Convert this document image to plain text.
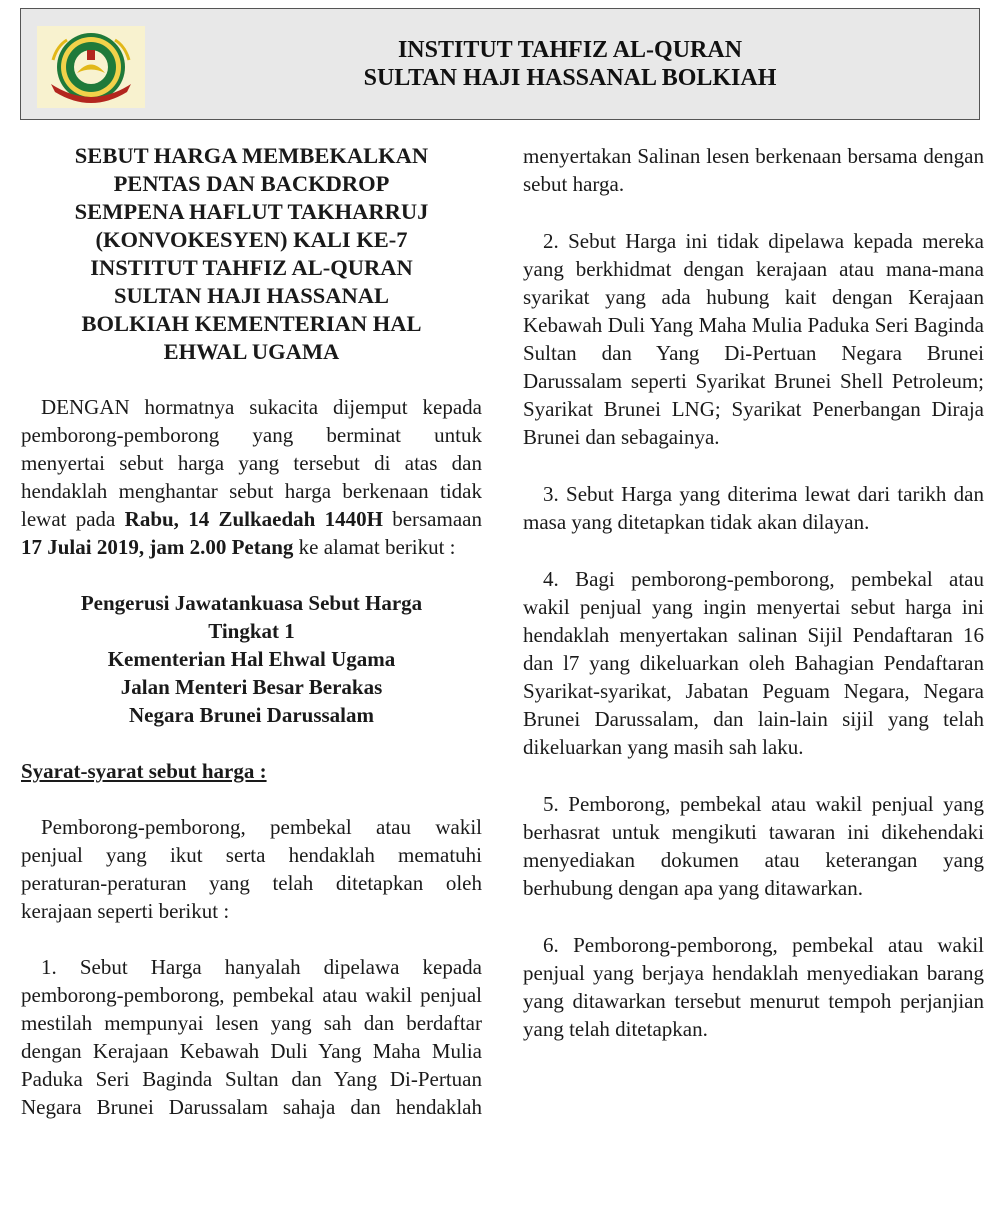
INSTITUT TAHFIZ AL-QURAN
SULTAN HAJI HASSANAL BOLKIAH
SEBUT HARGA MEMBEKALKAN
PENTAS DAN BACKDROP
SEMPENA HAFLUT TAKHARRUJ
(KONVOKESYEN) KALI KE-7
INSTITUT TAHFIZ AL-QURAN
SULTAN HAJI HASSANAL
BOLKIAH KEMENTERIAN HAL
EHWAL UGAMA

DENGAN hormatnya sukacita dijemput kepada pemborong-pemborong yang berminat untuk menyertai sebut harga yang tersebut di atas dan hendaklah menghantar sebut harga berkenaan tidak lewat pada Rabu, 14 Zulkaedah 1440H bersamaan 17 Julai 2019, jam 2.00 Petang ke alamat berikut :

Pengerusi Jawatankuasa Sebut Harga
Tingkat 1
Kementerian Hal Ehwal Ugama
Jalan Menteri Besar Berakas
Negara Brunei Darussalam

Syarat-syarat sebut harga :

Pemborong-pemborong, pembekal atau wakil penjual yang ikut serta hendaklah mematuhi peraturan-peraturan yang telah ditetapkan oleh kerajaan seperti berikut :

1. Sebut Harga hanyalah dipelawa kepada pemborong-pemborong, pembekal atau wakil penjual mestilah mempunyai lesen yang sah dan berdaftar dengan Kerajaan Kebawah Duli Yang Maha Mulia Paduka Seri Baginda Sultan dan Yang Di-Pertuan Negara Brunei Darussalam sahaja dan hendaklah

menyertakan Salinan lesen berkenaan bersama dengan sebut harga.

2. Sebut Harga ini tidak dipelawa kepada mereka yang berkhidmat dengan kerajaan atau mana-mana syarikat yang ada hubung kait dengan Kerajaan Kebawah Duli Yang Maha Mulia Paduka Seri Baginda Sultan dan Yang Di-Pertuan Negara Brunei Darussalam seperti Syarikat Brunei Shell Petroleum; Syarikat Brunei LNG; Syarikat Penerbangan Diraja Brunei dan sebagainya.

3. Sebut Harga yang diterima lewat dari tarikh dan masa yang ditetapkan tidak akan dilayan.

4. Bagi pemborong-pemborong, pembekal atau wakil penjual yang ingin menyertai sebut harga ini hendaklah menyertakan salinan Sijil Pendaftaran 16 dan l7 yang dikeluarkan oleh Bahagian Pendaftaran Syarikat-syarikat, Jabatan Peguam Negara, Negara Brunei Darussalam, dan lain-lain sijil yang telah dikeluarkan yang masih sah laku.

5. Pemborong, pembekal atau wakil penjual yang berhasrat untuk mengikuti tawaran ini dikehendaki menyediakan dokumen atau keterangan yang berhubung dengan apa yang ditawarkan.

6. Pemborong-pemborong, pembekal atau wakil penjual yang berjaya hendaklah menyediakan barang yang ditawarkan tersebut menurut tempoh perjanjian yang telah ditetapkan.
